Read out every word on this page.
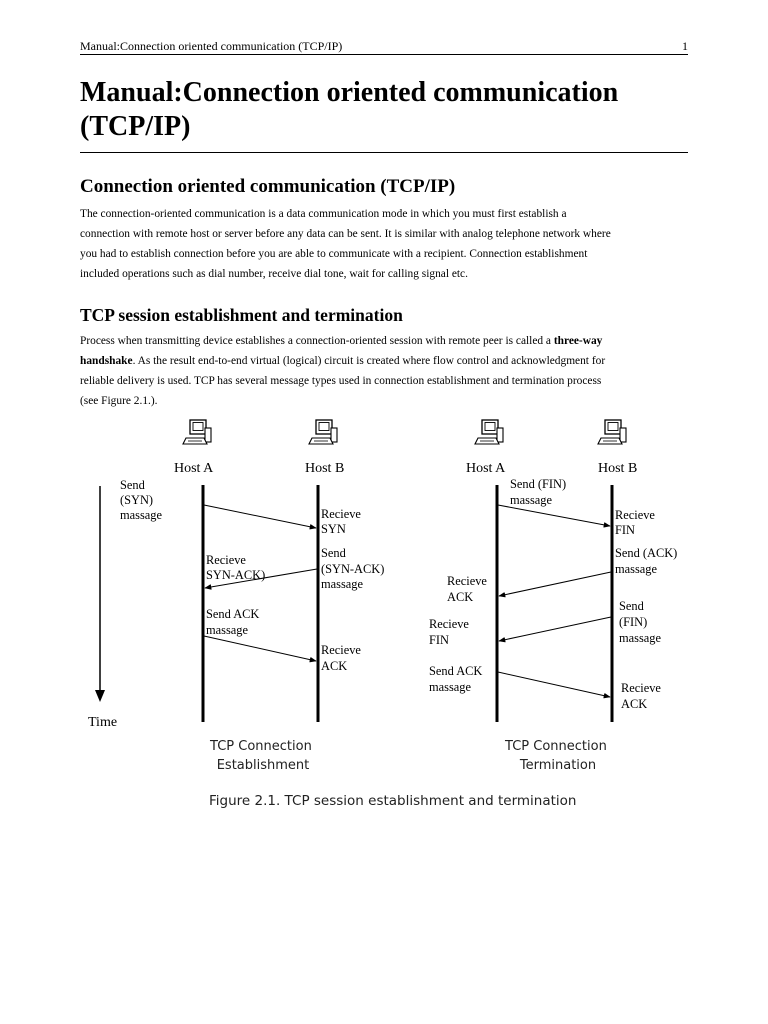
Manual:Connection oriented communication (TCP/IP)	1
Manual:Connection oriented communication
(TCP/IP)
Connection oriented communication (TCP/IP)
The connection-oriented communication is a data communication mode in which you must first establish a
connection with remote host or server before any data can be sent. It is similar with analog telephone network where
you had to establish connection before you are able to communicate with a recipient. Connection establishment
included operations such as dial number, receive dial tone, wait for calling signal etc.
TCP session establishment and termination
Process when transmitting device establishes a connection-oriented session with remote peer is called a three-way
handshake. As the result end-to-end virtual (logical) circuit is created where flow control and acknowledgment for
reliable delivery is used. TCP has several message types used in connection establishment and termination process
(see Figure 2.1.).
Host A	Host B	Host A	Host B
Time
Send (SYN) massage	Recieve SYN
Send (SYN-ACK) massage
Recieve SYN-ACK)
Send ACK massage
Recieve ACK
Send (FIN) massage
Recieve FIN
Send (ACK) massage
Recieve ACK
Send (FIN) massage
Recieve FIN
Send ACK massage	Recieve ACK
TCP Connection Establishment
TCP Connection Termination
Figure 2.1. TCP session establishment and termination
